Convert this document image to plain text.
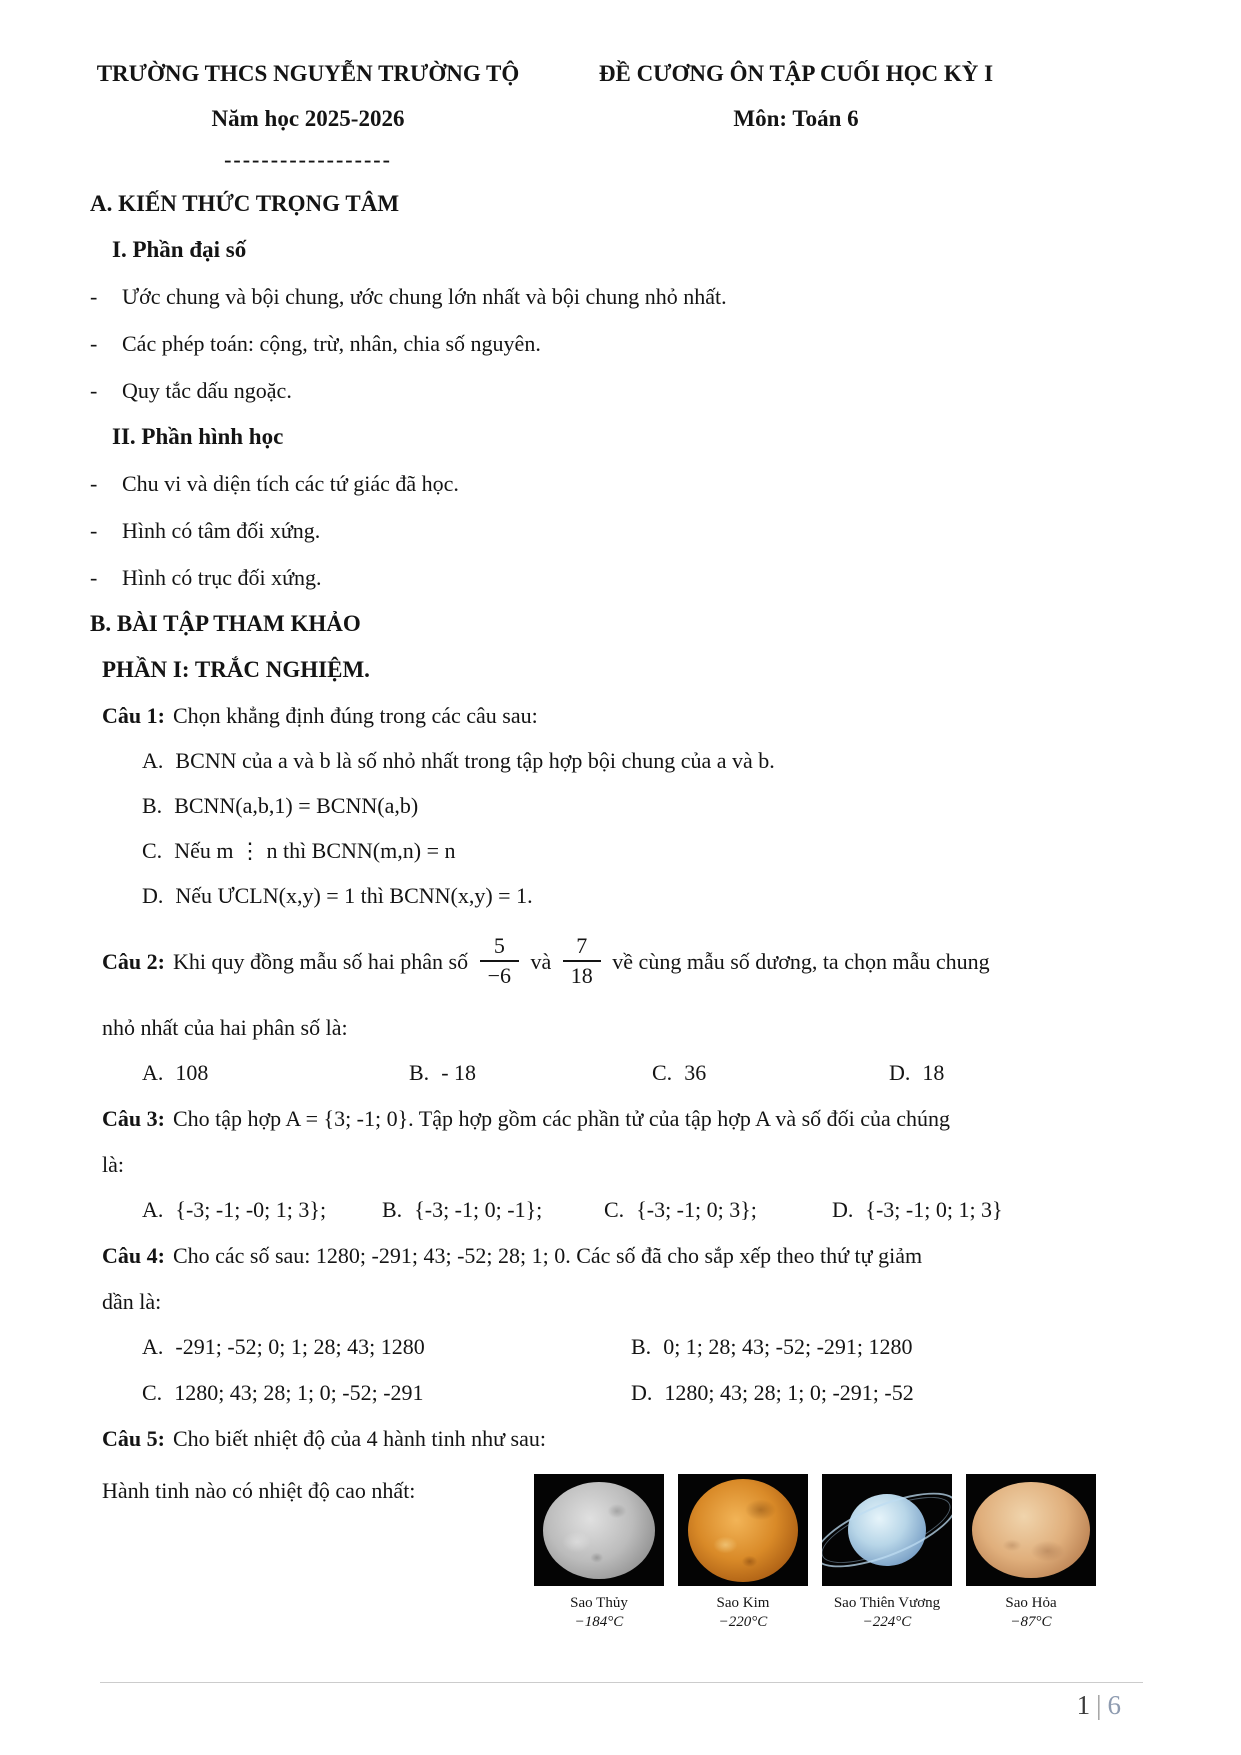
TRƯỜNG THCS NGUYỄN TRƯỜNG TỘ
Năm học 2025-2026
ĐỀ CƯƠNG ÔN TẬP CUỐI HỌC KỲ I
Môn: Toán 6
------------------
A. KIẾN THỨC TRỌNG TÂM
I. Phần đại số
-	Ước chung và bội chung, ước chung lớn nhất và bội chung nhỏ nhất.
-	Các phép toán: cộng, trừ, nhân, chia số nguyên.
-	Quy tắc dấu ngoặc.
II. Phần hình học
-	Chu vi và diện tích các tứ giác đã học.
-	Hình có tâm đối xứng.
-	Hình có trục đối xứng.
B. BÀI TẬP THAM KHẢO
PHẦN I: TRẮC NGHIỆM.
Câu 1: Chọn khẳng định đúng trong các câu sau:
A. BCNN của a và b là số nhỏ nhất trong tập hợp bội chung của a và b.
B. BCNN(a,b,1) = BCNN(a,b)
C. Nếu m ⋮ n thì BCNN(m,n) = n
D. Nếu ƯCLN(x,y) = 1 thì BCNN(x,y) = 1.
Câu 2: Khi quy đồng mẫu số hai phân số $\frac{5}{-6}$ và $\frac{7}{18}$ về cùng mẫu số dương, ta chọn mẫu chung
nhỏ nhất của hai phân số là:
A. 108	B. - 18	C. 36	D. 18
Câu 3: Cho tập hợp A = {3; -1; 0}. Tập hợp gồm các phần tử của tập hợp A và số đối của chúng
là:
A. {-3; -1; -0; 1; 3};	B. {-3; -1; 0; -1};	C. {-3; -1; 0; 3};	D. {-3; -1; 0; 1; 3}
Câu 4: Cho các số sau: 1280; -291; 43; -52; 28; 1; 0. Các số đã cho sắp xếp theo thứ tự giảm
dần là:
A. -291; -52; 0; 1; 28; 43; 1280	B. 0; 1; 28; 43; -52; -291; 1280
C. 1280; 43; 28; 1; 0; -52; -291	D. 1280; 43; 28; 1; 0; -291; -52
Câu 5: Cho biết nhiệt độ của 4 hành tinh như sau:
Hành tinh nào có nhiệt độ cao nhất:
Sao Thủy
−184°C
Sao Kim
−220°C
Sao Thiên Vương
−224°C
Sao Hỏa
−87°C
1 | 6
